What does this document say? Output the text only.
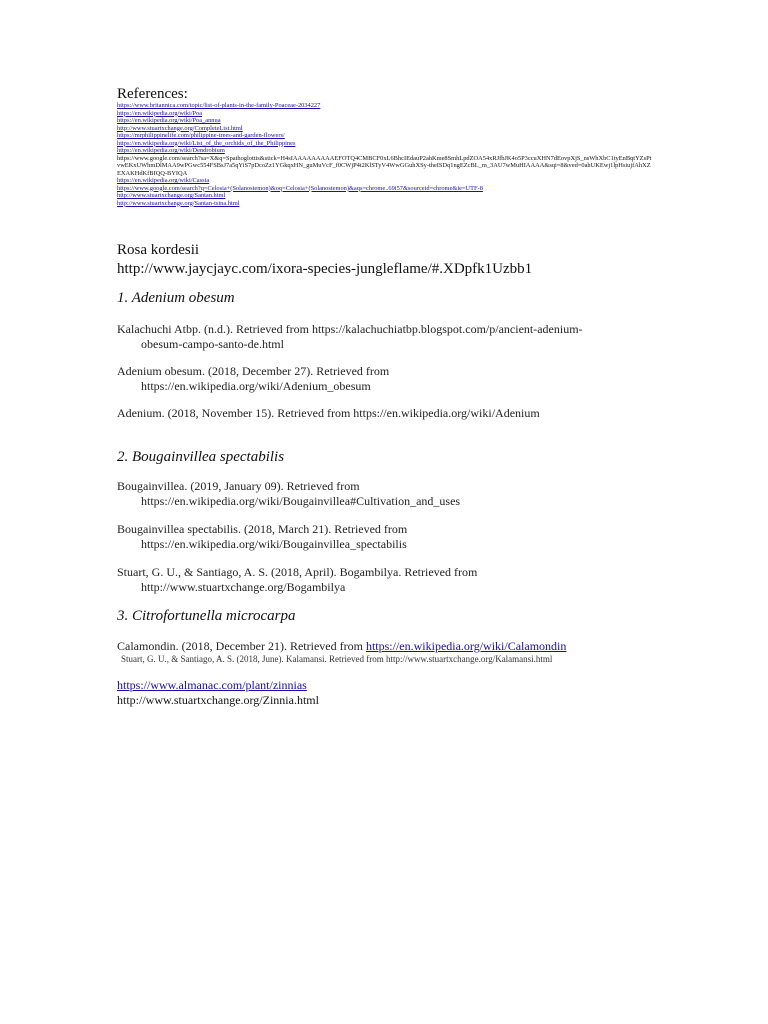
References:
https://www.britannica.com/topic/list-of-plants-in-the-family-Poaceae-2034227
https://en.wikipedia.org/wiki/Poa
https://en.wikipedia.org/wiki/Poa_annua
http://www.stuartxchange.org/CompleteList.html
https://mrphilippinelife.com/philippine-trees-and-garden-flowers/
https://en.wikipedia.org/wiki/List_of_the_orchids_of_the_Philippines
https://en.wikipedia.org/wiki/Dendrobium
https://www.google.com/search?sa=X&q=Spathoglottis&stick=H4sIAAAAAAAAAEFOTQ4CMBCF0xL6BhcIEdauP2ahKme8SmhLpdZOA54xRJfbJK4o5P3ccuXHN7dEovpXjS_nsWhXbC1tyEnBqtYZsPtvwEKxUWhmDlMAA9wPGwc554FSBsJ7a5qYiS7pDcoZz1YGkqxHN_guMuVcF_f0CWjP4t2KlSTyV4WwGGuhXSy-theISDq1ngEZcBL_m_3AU7wMuHIAAAA&sqi=8&ved=0ahUKEwj1lpHsiujfAhXZEXAKHdKfBIQQ-BYIQA
https://en.wikipedia.org/wiki/Cassia
https://www.google.com/search?q=Celosia+(Solanostemon)&oq=Celosia+(Solanostemon)&aqs=chrome..69i57&sourceid=chrome&ie=UTF-8
http://www.stuartxchange.org/Santan.html
http://www.stuartxchange.org/Santan-tsina.html
Rosa kordesii
http://www.jaycjayc.com/ixora-species-jungleflame/#.XDpfk1Uzbb1
1. Adenium obesum
Kalachuchi Atbp. (n.d.). Retrieved from https://kalachuchiatbp.blogspot.com/p/ancient-adenium-
obesum-campo-santo-de.html
Adenium obesum. (2018, December 27). Retrieved from
https://en.wikipedia.org/wiki/Adenium_obesum
Adenium. (2018, November 15). Retrieved from https://en.wikipedia.org/wiki/Adenium
2. Bougainvillea spectabilis
Bougainvillea. (2019, January 09). Retrieved from
https://en.wikipedia.org/wiki/Bougainvillea#Cultivation_and_uses
Bougainvillea spectabilis. (2018, March 21). Retrieved from
https://en.wikipedia.org/wiki/Bougainvillea_spectabilis
Stuart, G. U., & Santiago, A. S. (2018, April). Bogambilya. Retrieved from
http://www.stuartxchange.org/Bogambilya
3. Citrofortunella microcarpa
Calamondin. (2018, December 21). Retrieved from https://en.wikipedia.org/wiki/Calamondin
Stuart, G. U., & Santiago, A. S. (2018, June). Kalamansi. Retrieved from http://www.stuartxchange.org/Kalamansi.html
https://www.almanac.com/plant/zinnias
http://www.stuartxchange.org/Zinnia.html
